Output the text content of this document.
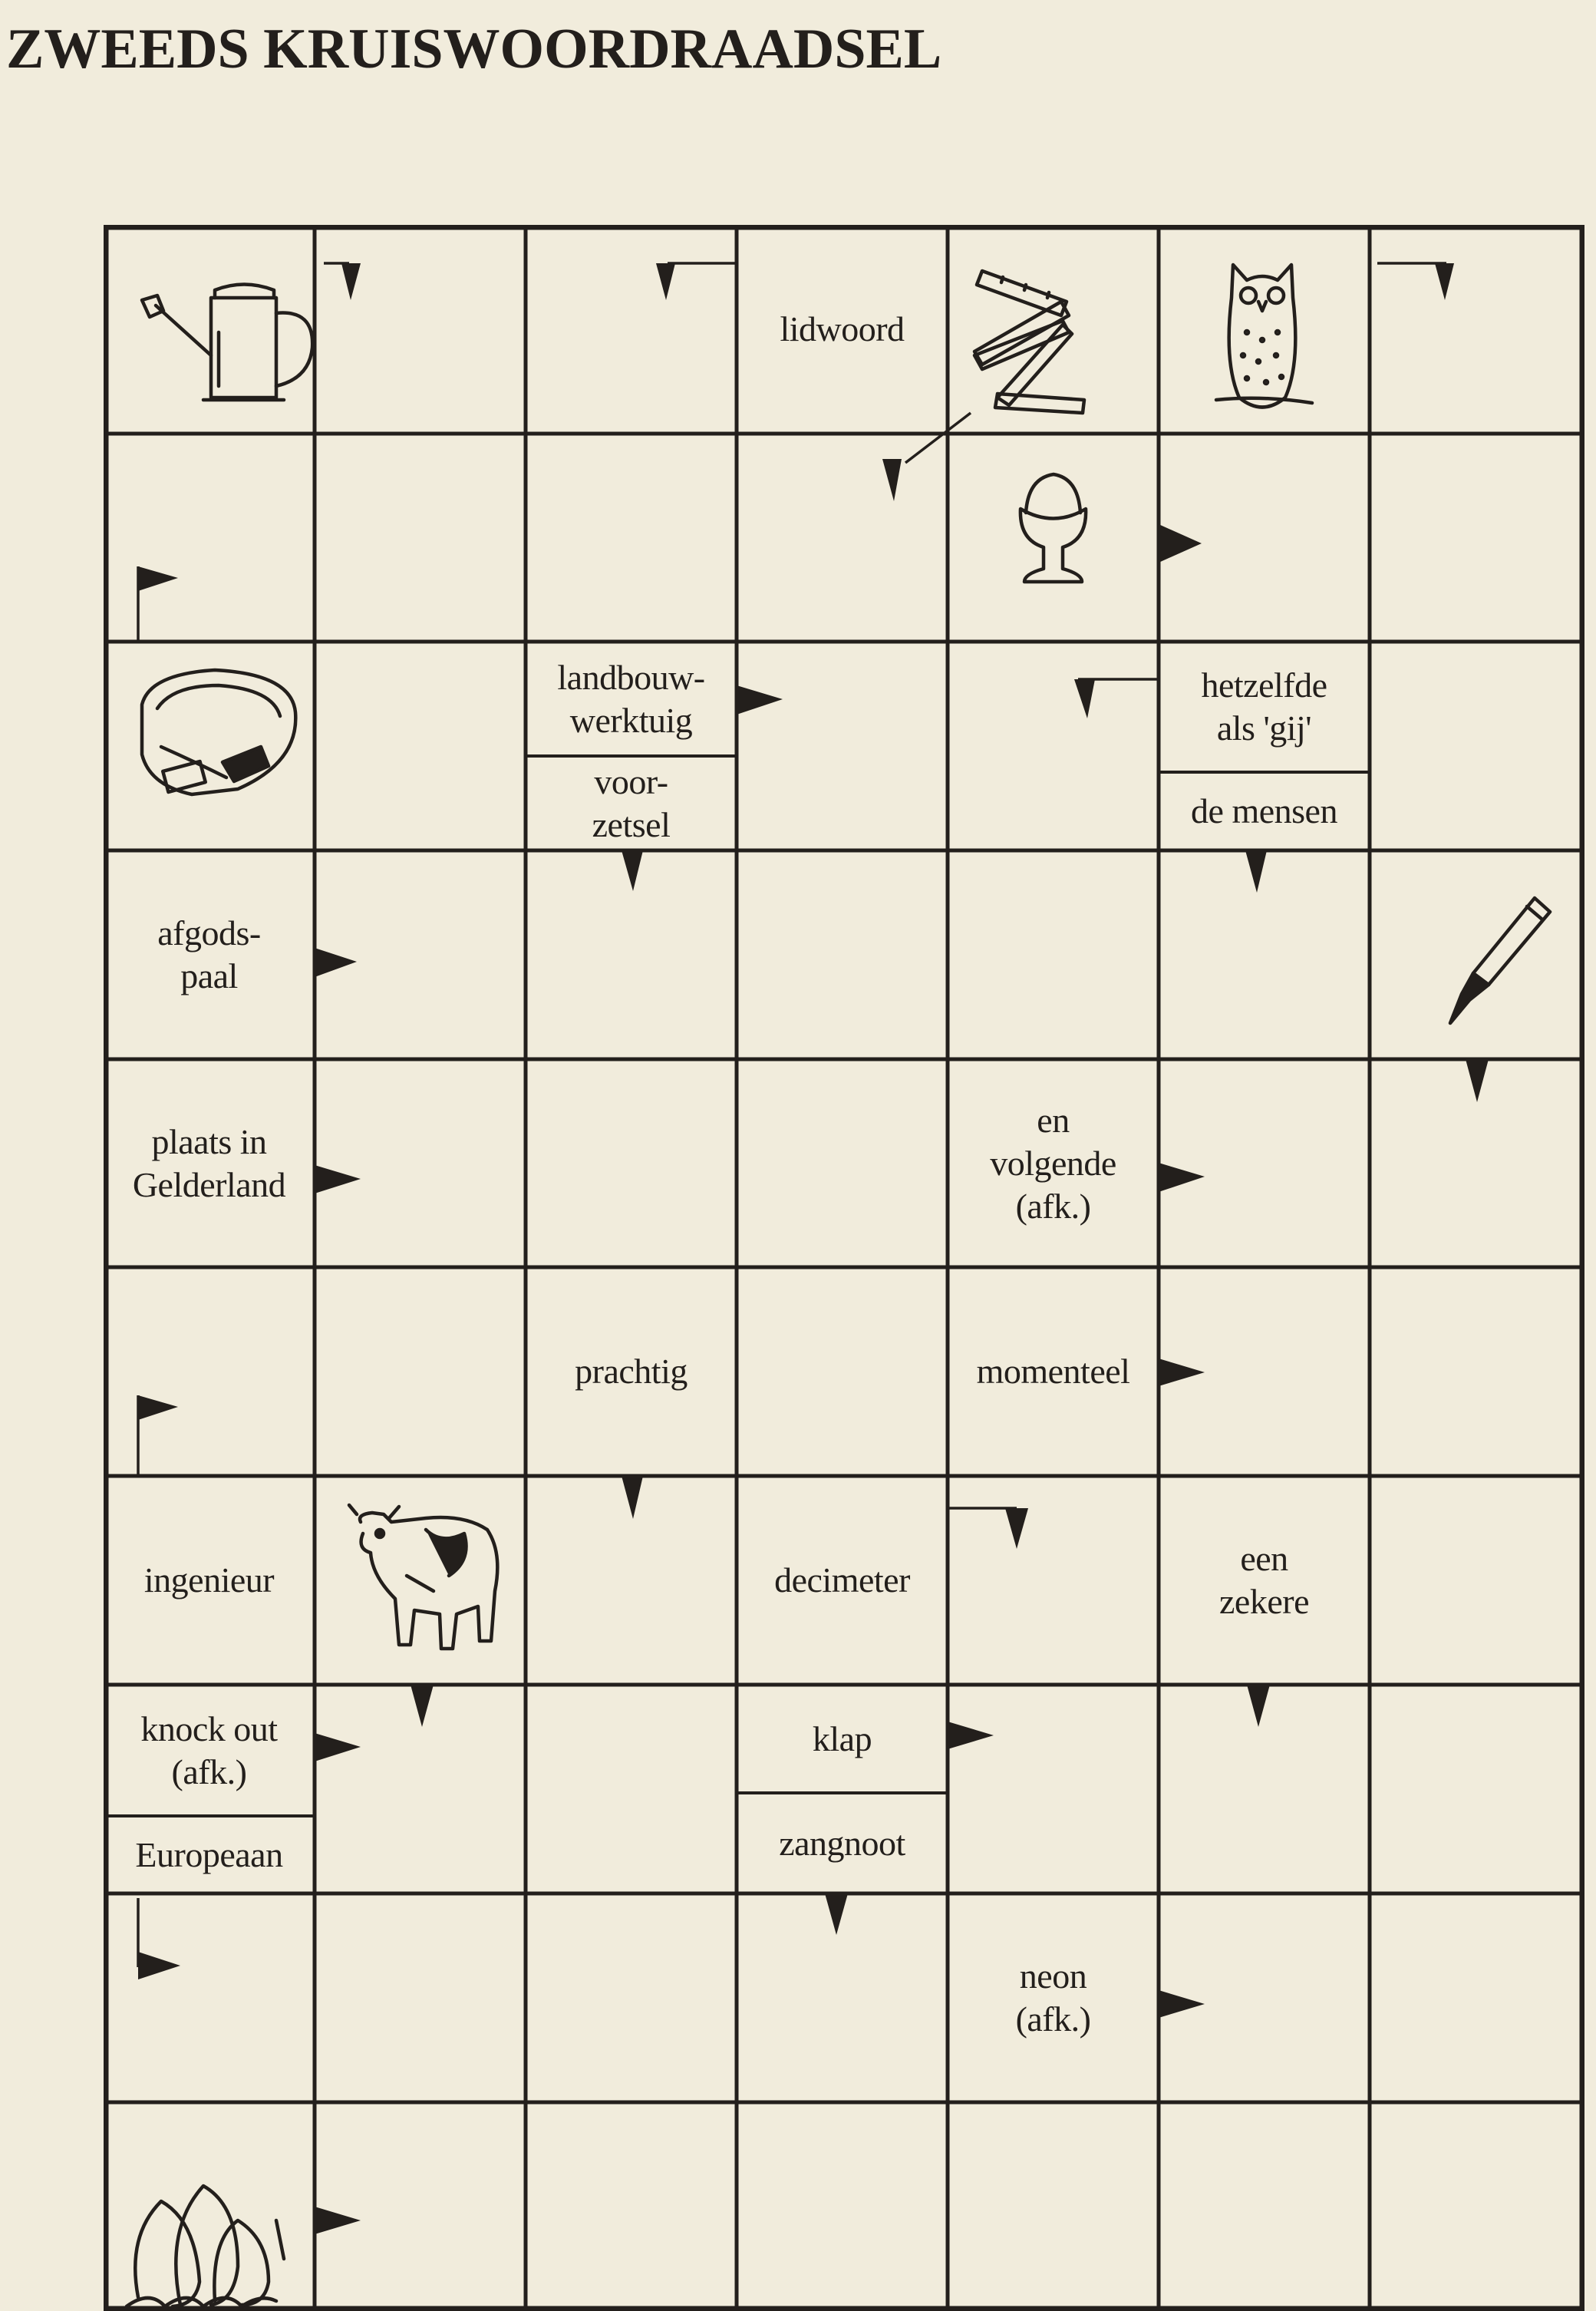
ZWEEDS KRUISWOORDRAADSEL
lidwoord
landbouw-
werktuig
voor-
zetsel
hetzelfde
als 'gij'
de mensen
afgods-
paal
plaats in
Gelderland
en
volgende
(afk.)
prachtig	momenteel
ingenieur	decimeter
een
zekere
knock out
(afk.)
klap
Europeaan	zangnoot
neon
(afk.)
